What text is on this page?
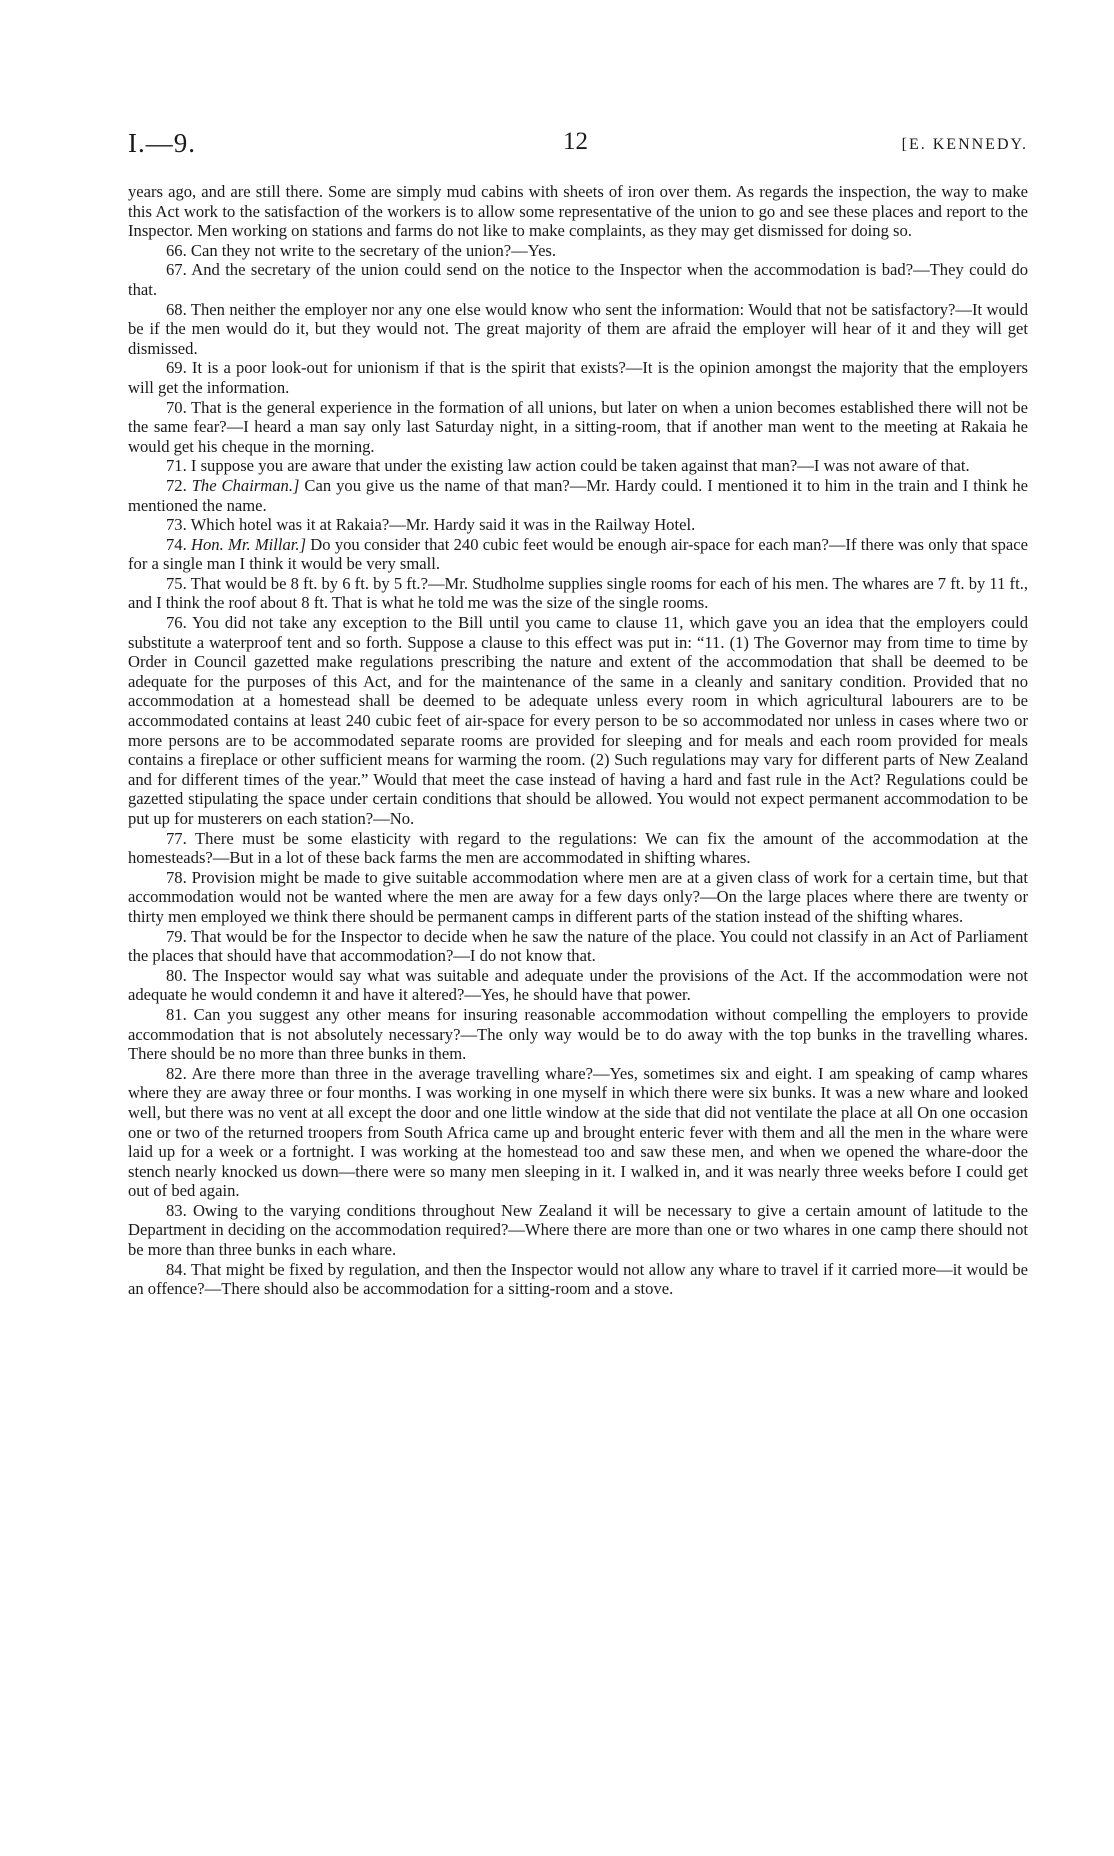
I.—9.	12	[E. KENNEDY.

years ago, and are still there. Some are simply mud cabins with sheets of iron over them. As regards the inspection, the way to make this Act work to the satisfaction of the workers is to allow some representative of the union to go and see these places and report to the Inspector. Men working on stations and farms do not like to make complaints, as they may get dismissed for doing so.

66. Can they not write to the secretary of the union?—Yes.

67. And the secretary of the union could send on the notice to the Inspector when the accommodation is bad?—They could do that.

68. Then neither the employer nor any one else would know who sent the information: Would that not be satisfactory?—It would be if the men would do it, but they would not. The great majority of them are afraid the employer will hear of it and they will get dismissed.

69. It is a poor look-out for unionism if that is the spirit that exists?—It is the opinion amongst the majority that the employers will get the information.

70. That is the general experience in the formation of all unions, but later on when a union becomes established there will not be the same fear?—I heard a man say only last Saturday night, in a sitting-room, that if another man went to the meeting at Rakaia he would get his cheque in the morning.

71. I suppose you are aware that under the existing law action could be taken against that man?—I was not aware of that.

72. The Chairman.] Can you give us the name of that man?—Mr. Hardy could. I mentioned it to him in the train and I think he mentioned the name.

73. Which hotel was it at Rakaia?—Mr. Hardy said it was in the Railway Hotel.

74. Hon. Mr. Millar.] Do you consider that 240 cubic feet would be enough air-space for each man?—If there was only that space for a single man I think it would be very small.

75. That would be 8 ft. by 6 ft. by 5 ft.?—Mr. Studholme supplies single rooms for each of his men. The whares are 7 ft. by 11 ft., and I think the roof about 8 ft. That is what he told me was the size of the single rooms.

76. You did not take any exception to the Bill until you came to clause 11, which gave you an idea that the employers could substitute a waterproof tent and so forth. Suppose a clause to this effect was put in: “11. (1) The Governor may from time to time by Order in Council gazetted make regulations prescribing the nature and extent of the accommodation that shall be deemed to be adequate for the purposes of this Act, and for the maintenance of the same in a cleanly and sanitary condition. Provided that no accommodation at a homestead shall be deemed to be adequate unless every room in which agricultural labourers are to be accommodated contains at least 240 cubic feet of air-space for every person to be so accommodated nor unless in cases where two or more persons are to be accommodated separate rooms are provided for sleeping and for meals and each room provided for meals contains a fireplace or other sufficient means for warming the room. (2) Such regulations may vary for different parts of New Zealand and for different times of the year.” Would that meet the case instead of having a hard and fast rule in the Act? Regulations could be gazetted stipulating the space under certain conditions that should be allowed. You would not expect permanent accommodation to be put up for musterers on each station?—No.

77. There must be some elasticity with regard to the regulations: We can fix the amount of the accommodation at the homesteads?—But in a lot of these back farms the men are accommodated in shifting whares.

78. Provision might be made to give suitable accommodation where men are at a given class of work for a certain time, but that accommodation would not be wanted where the men are away for a few days only?—On the large places where there are twenty or thirty men employed we think there should be permanent camps in different parts of the station instead of the shifting whares.

79. That would be for the Inspector to decide when he saw the nature of the place. You could not classify in an Act of Parliament the places that should have that accommodation?—I do not know that.

80. The Inspector would say what was suitable and adequate under the provisions of the Act. If the accommodation were not adequate he would condemn it and have it altered?—Yes, he should have that power.

81. Can you suggest any other means for insuring reasonable accommodation without compelling the employers to provide accommodation that is not absolutely necessary?—The only way would be to do away with the top bunks in the travelling whares. There should be no more than three bunks in them.

82. Are there more than three in the average travelling whare?—Yes, sometimes six and eight. I am speaking of camp whares where they are away three or four months. I was working in one myself in which there were six bunks. It was a new whare and looked well, but there was no vent at all except the door and one little window at the side that did not ventilate the place at all On one occasion one or two of the returned troopers from South Africa came up and brought enteric fever with them and all the men in the whare were laid up for a week or a fortnight. I was working at the homestead too and saw these men, and when we opened the whare-door the stench nearly knocked us down—there were so many men sleeping in it. I walked in, and it was nearly three weeks before I could get out of bed again.

83. Owing to the varying conditions throughout New Zealand it will be necessary to give a certain amount of latitude to the Department in deciding on the accommodation required?—Where there are more than one or two whares in one camp there should not be more than three bunks in each whare.

84. That might be fixed by regulation, and then the Inspector would not allow any whare to travel if it carried more—it would be an offence?—There should also be accommodation for a sitting-room and a stove.
